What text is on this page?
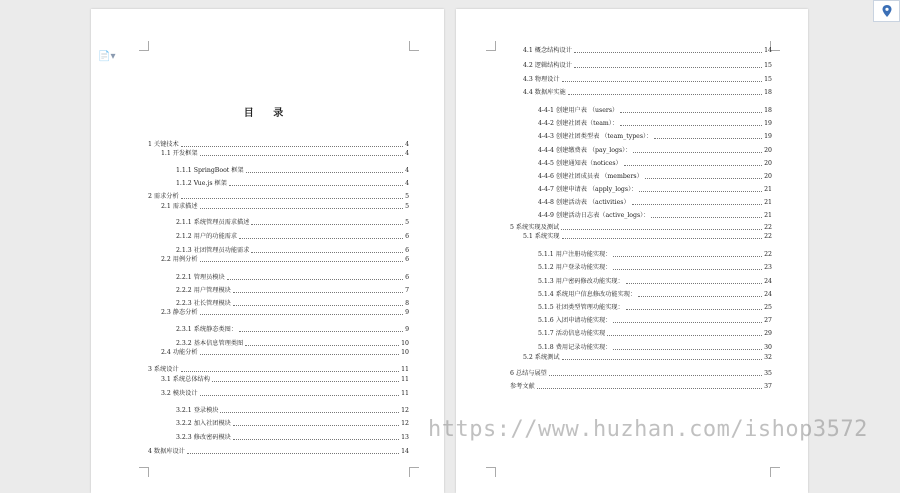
📄▾
目 录
1 关键技术	4
1.1 开发框架	4
1.1.1 SpringBoot 框架	4
1.1.2 Vue.js 框架	4
2 需求分析	5
2.1 需求描述	5
2.1.1 系统管理员需求描述	5
2.1.2 用户的功能需求	6
2.1.3 社团管理员功能需求	6
2.2 用例分析	6
2.2.1 管理员模块	6
2.2.2 用户管理模块	7
2.2.3 社长管理模块	8
2.3 静态分析	9
2.3.1 系统静态类图：	9
2.3.2 基本信息管理类图	10
2.4 功能分析	10
3 系统设计	11
3.1 系统总体结构	11
3.2 模块设计	11
3.2.1 登录模块	12
3.2.2 加入社团模块	12
3.2.3 修改密码模块	13
4 数据库设计	14
4.1 概念结构设计	14
4.2 逻辑结构设计	15
4.3 物理设计	15
4.4 数据库实施	18
4-4-1 创建用户表 （users）	18
4-4-2 创建社团表（team）：	19
4-4-3 创建社团类型表 （team_types）：	19
4-4-4 创建缴费表 （pay_logs）：	20
4-4-5 创建通知表（notices）	20
4-4-6 创建社团成员表 （members）	20
4-4-7 创建申请表 （apply_logs）：	21
4-4-8 创建活动表 （activities）	21
4-4-9 创建活动日志表（active_logs）：	21
5 系统实现及测试	22
5.1 系统实现	22
5.1.1 用户注册功能实现：	22
5.1.2 用户登录功能实现：	23
5.1.3 用户密码修改功能实现：	24
5.1.4 系统用户信息修改功能实现：	24
5.1.5 社团类型管理功能实现：	25
5.1.6 入团申请功能实现：	27
5.1.7 活动信息功能实现	29
5.1.8 费用记录功能实现：	30
5.2 系统测试	32
6 总结与展望	35
参考文献	37
https://www.huzhan.com/ishop3572
